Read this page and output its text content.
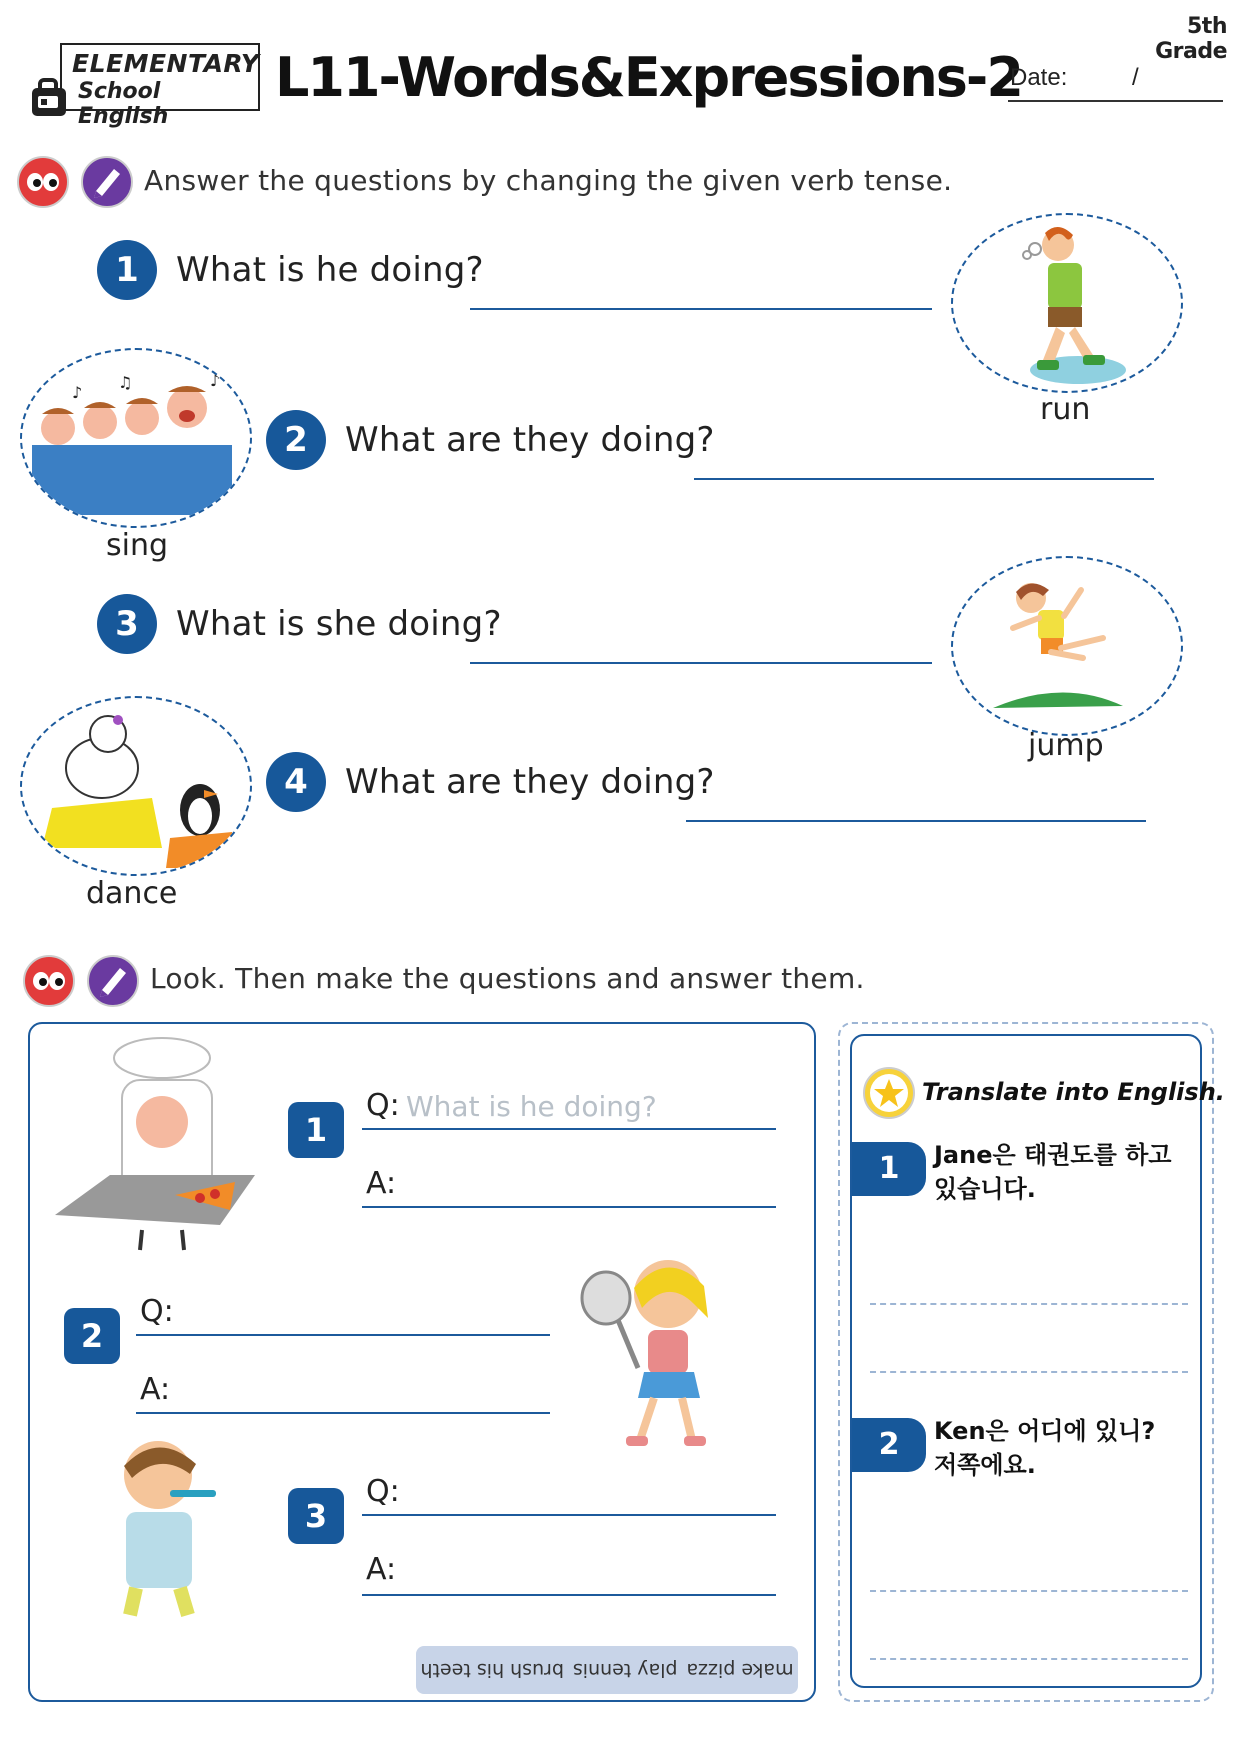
5th Grade
ELEMENTARY
School English
L11-Words&Expressions-2
Date:	/
Answer the questions by changing the given verb tense.
1	What is he doing?
run
♪
♫	♪
sing
2	What are they doing?
3	What is she doing?
jump
dance
4	What are they doing?
Look. Then make the questions and answer them.
1
Q: What is he doing?
A:
2
Q:
A:
3
Q:
A:
make pizza
play tennis
brush his teeth
Translate into English.
1	Jane은 태권도를 하고
있습니다.
2	Ken은 어디에 있니?
저쪽에요.
